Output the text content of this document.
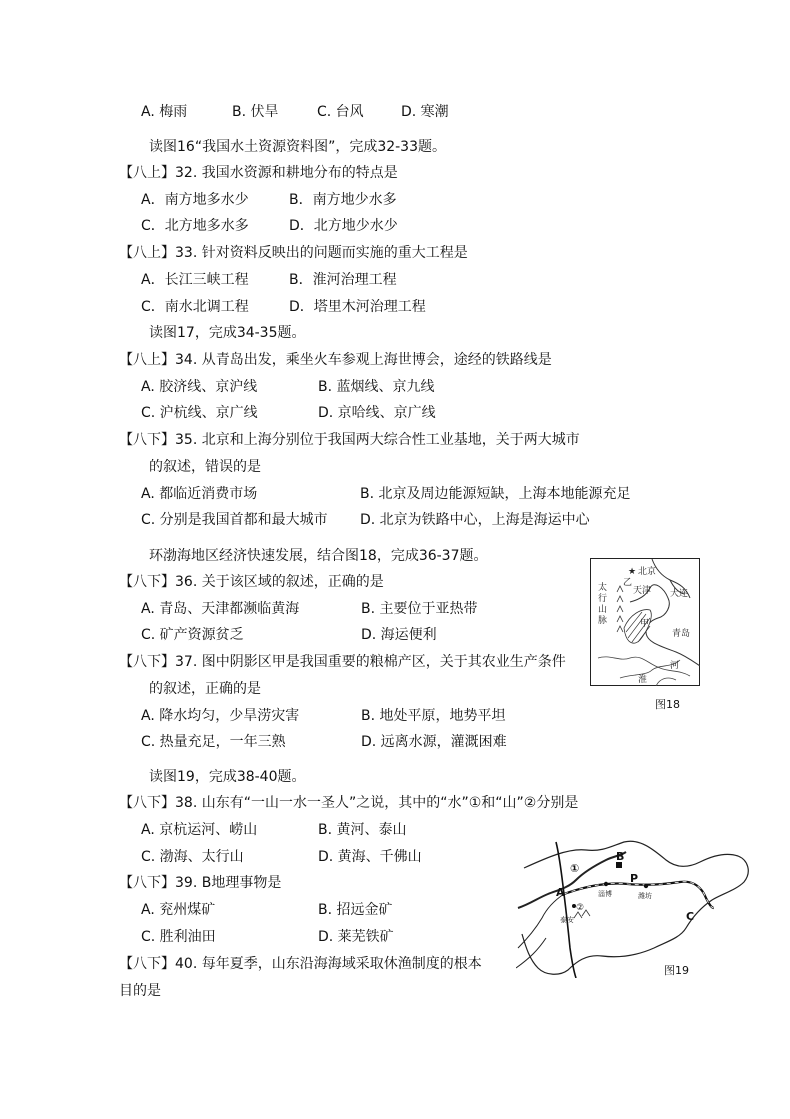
A. 梅雨	B. 伏旱	C. 台风	D. 寒潮
读图16“我国水土资源资料图”，完成32-33题。
【八上】32. 我国水资源和耕地分布的特点是
A．南方地多水少	B．南方地少水多
C．北方地多水多	D．北方地少水少
【八上】33. 针对资料反映出的问题而实施的重大工程是
A．长江三峡工程	B．淮河治理工程
C．南水北调工程	D．塔里木河治理工程
读图17，完成34-35题。
【八上】34. 从青岛出发，乘坐火车参观上海世博会，途经的铁路线是
A. 胶济线、京沪线	B. 蓝烟线、京九线
C. 沪杭线、京广线	D. 京哈线、京广线
【八下】35. 北京和上海分别位于我国两大综合性工业基地，关于两大城市
的叙述，错误的是
A. 都临近消费市场	B. 北京及周边能源短缺，上海本地能源充足
C. 分别是我国首都和最大城市 D. 北京为铁路中心，上海是海运中心
环渤海地区经济快速发展，结合图18，完成36-37题。
【八下】36. 关于该区域的叙述，正确的是
A. 青岛、天津都濒临黄海	B. 主要位于亚热带
C. 矿产资源贫乏	D. 海运便利
【八下】37. 图中阴影区甲是我国重要的粮棉产区，关于其农业生产条件
的叙述，正确的是
A. 降水均匀，少旱涝灾害	B. 地处平原，地势平坦
C. 热量充足，一年三熟	D. 远离水源，灌溉困难
读图19，完成38-40题。
【八下】38. 山东有“一山一水一圣人”之说，其中的“水”①和“山”②分别是
A. 京杭运河、崂山	B. 黄河、泰山
C. 渤海、太行山	D. 黄海、千佛山
【八下】39. B地理事物是
A. 兖州煤矿	B. 招远金矿
C. 胜利油田	D. 莱芜铁矿
【八下】40. 每年夏季，山东沿海海域采取休渔制度的根本
目的是
★ 北京
乙
天津
太
行
山
脉
大连
甲
青岛
河
淮
图18
①
B
P
A
②
淄博	潍坊
泰安	C
图19
